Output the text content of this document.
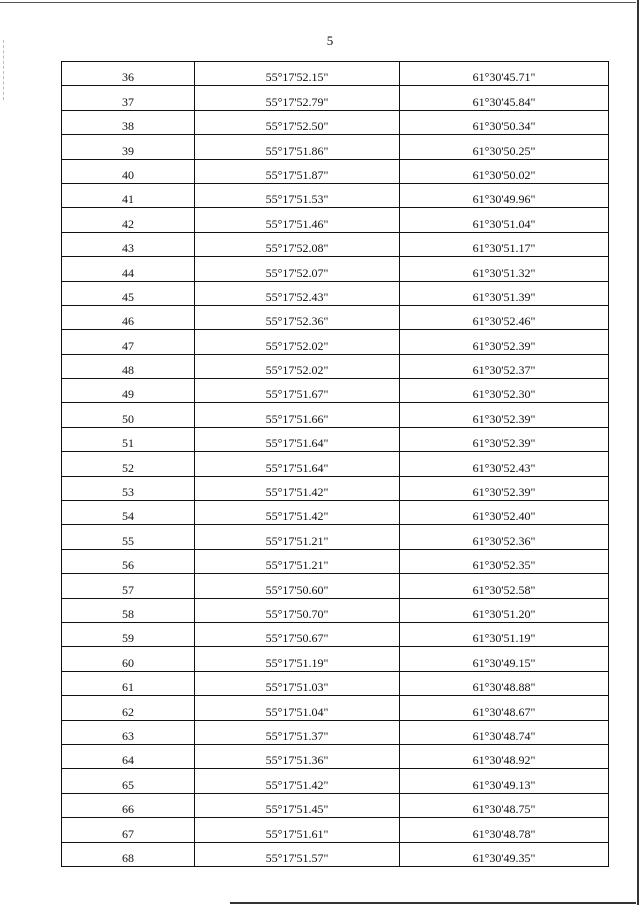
5
36	55°17'52.15"	61°30'45.71"
37	55°17'52.79"	61°30'45.84"
38	55°17'52.50"	61°30'50.34"
39	55°17'51.86"	61°30'50.25"
40	55°17'51.87"	61°30'50.02"
41	55°17'51.53"	61°30'49.96"
42	55°17'51.46"	61°30'51.04"
43	55°17'52.08"	61°30'51.17"
44	55°17'52.07"	61°30'51.32"
45	55°17'52.43"	61°30'51.39"
46	55°17'52.36"	61°30'52.46"
47	55°17'52.02"	61°30'52.39"
48	55°17'52.02"	61°30'52.37"
49	55°17'51.67"	61°30'52.30"
50	55°17'51.66"	61°30'52.39"
51	55°17'51.64"	61°30'52.39"
52	55°17'51.64"	61°30'52.43"
53	55°17'51.42"	61°30'52.39"
54	55°17'51.42"	61°30'52.40"
55	55°17'51.21"	61°30'52.36"
56	55°17'51.21"	61°30'52.35"
57	55°17'50.60"	61°30'52.58"
58	55°17'50.70"	61°30'51.20"
59	55°17'50.67"	61°30'51.19"
60	55°17'51.19"	61°30'49.15"
61	55°17'51.03"	61°30'48.88"
62	55°17'51.04"	61°30'48.67"
63	55°17'51.37"	61°30'48.74"
64	55°17'51.36"	61°30'48.92"
65	55°17'51.42"	61°30'49.13"
66	55°17'51.45"	61°30'48.75"
67	55°17'51.61"	61°30'48.78"
68	55°17'51.57"	61°30'49.35"
